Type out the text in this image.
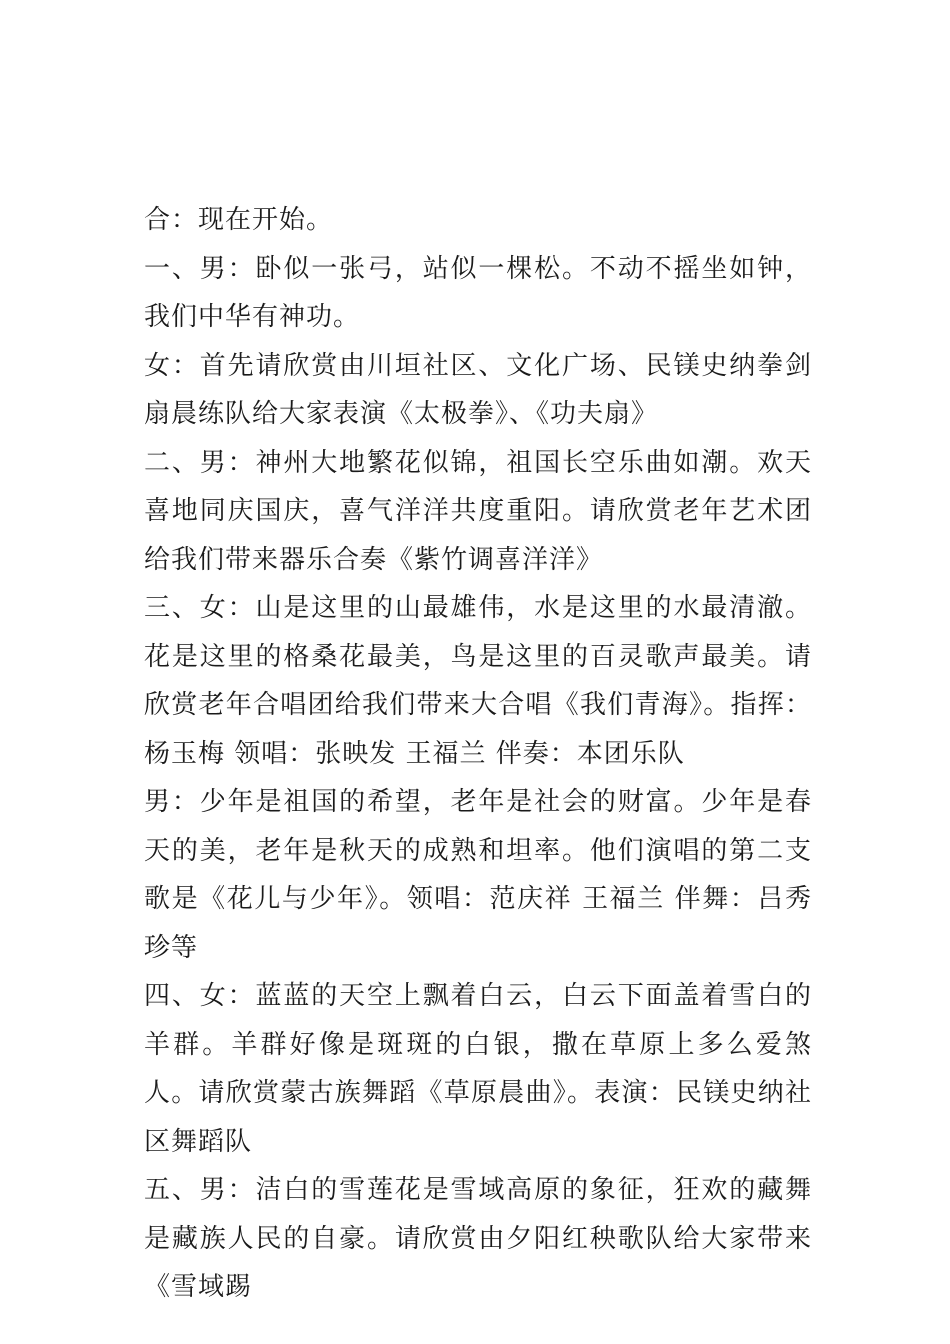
合：现在开始。

一、男：卧似一张弓，站似一棵松。不动不摇坐如钟，我们中华有神功。

女：首先请欣赏由川垣社区、文化广场、民镁史纳拳剑扇晨练队给大家表演《太极拳》、《功夫扇》

二、男：神州大地繁花似锦，祖国长空乐曲如潮。欢天喜地同庆国庆，喜气洋洋共度重阳。请欣赏老年艺术团给我们带来器乐合奏《紫竹调喜洋洋》

三、女：山是这里的山最雄伟，水是这里的水最清澈。花是这里的格桑花最美，鸟是这里的百灵歌声最美。请欣赏老年合唱团给我们带来大合唱《我们青海》。指挥：杨玉梅 领唱：张映发 王福兰 伴奏：本团乐队

男：少年是祖国的希望，老年是社会的财富。少年是春天的美，老年是秋天的成熟和坦率。他们演唱的第二支歌是《花儿与少年》。领唱：范庆祥 王福兰 伴舞：吕秀珍等

四、女：蓝蓝的天空上飘着白云，白云下面盖着雪白的羊群。羊群好像是斑斑的白银，撒在草原上多么爱煞人。请欣赏蒙古族舞蹈《草原晨曲》。表演：民镁史纳社区舞蹈队

五、男：洁白的雪莲花是雪域高原的象征，狂欢的藏舞是藏族人民的自豪。请欣赏由夕阳红秧歌队给大家带来《雪域踢
